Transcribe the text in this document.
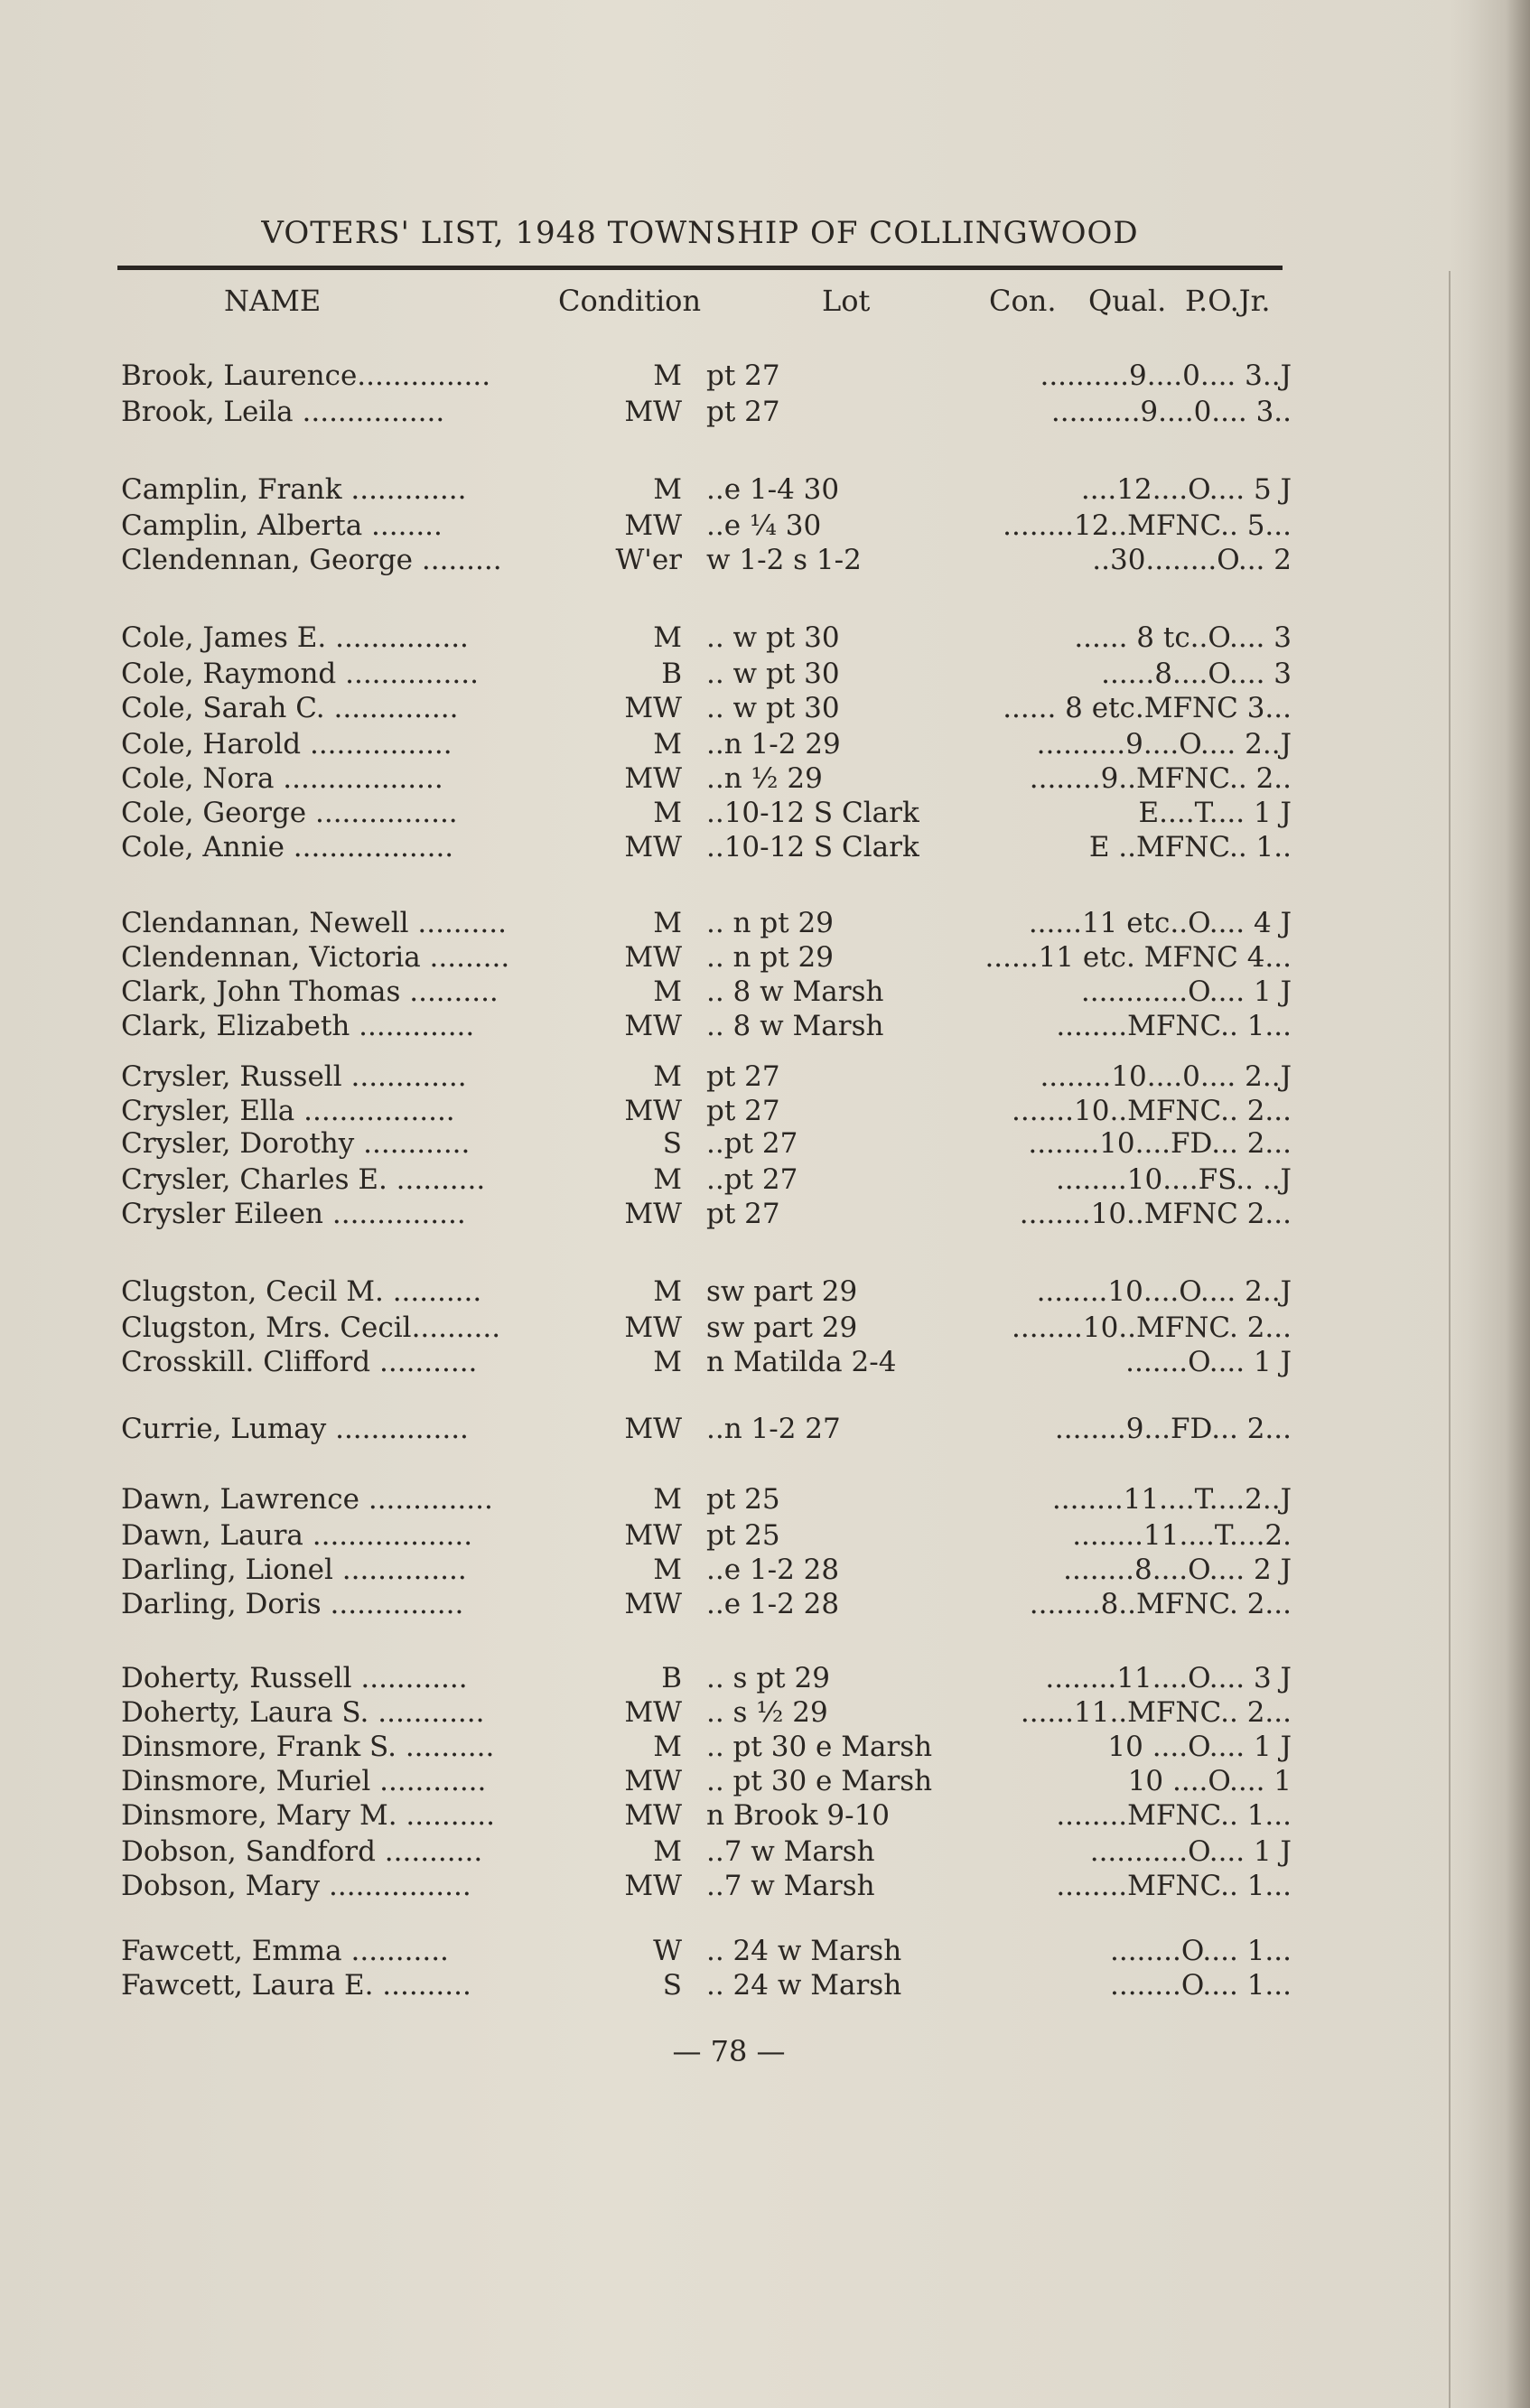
VOTERS' LIST, 1948 TOWNSHIP OF COLLINGWOOD
NAME	Condition	Lot	Con. Qual. P.O.Jr.
Brook, Laurence...............	M pt 27	..........9....0.... 3..J
Brook, Leila ................	MW pt 27	..........9....0.... 3..
Camplin, Frank .............	M ..e 1-4 30	....12....O.... 5 J
Camplin, Alberta ........	MW ..e ¼ 30	........12..MFNC.. 5...
Clendennan, George .........	W'er w 1-2 s 1-2	..30........O... 2
Cole, James E. ...............	M .. w pt 30	...... 8 tc..O.... 3
Cole, Raymond ...............	B .. w pt 30	......8....O.... 3
Cole, Sarah C. ..............	MW .. w pt 30	...... 8 etc.MFNC 3...
Cole, Harold ................	M ..n 1-2 29	..........9....O.... 2..J
Cole, Nora ..................	MW ..n ½ 29	........9..MFNC.. 2..
Cole, George ................	M ..10-12 S Clark	E....T.... 1 J
Cole, Annie ..................	MW ..10-12 S Clark	E ..MFNC.. 1..
Clendannan, Newell ..........	M .. n pt 29	......11 etc..O.... 4 J
Clendennan, Victoria .........	MW .. n pt 29	......11 etc. MFNC 4...
Clark, John Thomas ..........	M .. 8 w Marsh	............O.... 1 J
Clark, Elizabeth .............	MW .. 8 w Marsh	........MFNC.. 1...
Crysler, Russell .............	M pt 27	........10....0.... 2..J
Crysler, Ella .................	MW pt 27	.......10..MFNC.. 2...
Crysler, Dorothy ............	S ..pt 27	........10....FD... 2...
Crysler, Charles E. ..........	M ..pt 27	........10....FS.. ..J
Crysler Eileen ...............	MW pt 27	........10..MFNC 2...
Clugston, Cecil M. ..........	M sw part 29	........10....O.... 2..J
Clugston, Mrs. Cecil..........	MW sw part 29	........10..MFNC. 2...
Crosskill. Clifford ...........	M n Matilda 2-4	.......O.... 1 J
Currie, Lumay ...............	MW ..n 1-2 27	........9...FD... 2...
Dawn, Lawrence ..............	M pt 25	........11....T....2..J
Dawn, Laura ..................	MW pt 25	........11....T....2.
Darling, Lionel ..............	M ..e 1-2 28	........8....O.... 2 J
Darling, Doris ...............	MW ..e 1-2 28	........8..MFNC. 2...
Doherty, Russell ............	B .. s pt 29	........11....O.... 3 J
Doherty, Laura S. ............	MW .. s ½ 29	......11..MFNC.. 2...
Dinsmore, Frank S. ..........	M .. pt 30 e Marsh	10 ....O.... 1 J
Dinsmore, Muriel ............	MW .. pt 30 e Marsh	10 ....O.... 1
Dinsmore, Mary M. ..........	MW n Brook 9-10	........MFNC.. 1...
Dobson, Sandford ...........	M ..7 w Marsh	...........O.... 1 J
Dobson, Mary ................	MW ..7 w Marsh	........MFNC.. 1...
Fawcett, Emma ...........	W .. 24 w Marsh	........O.... 1...
Fawcett, Laura E. ..........	S .. 24 w Marsh	........O.... 1...
— 78 —
